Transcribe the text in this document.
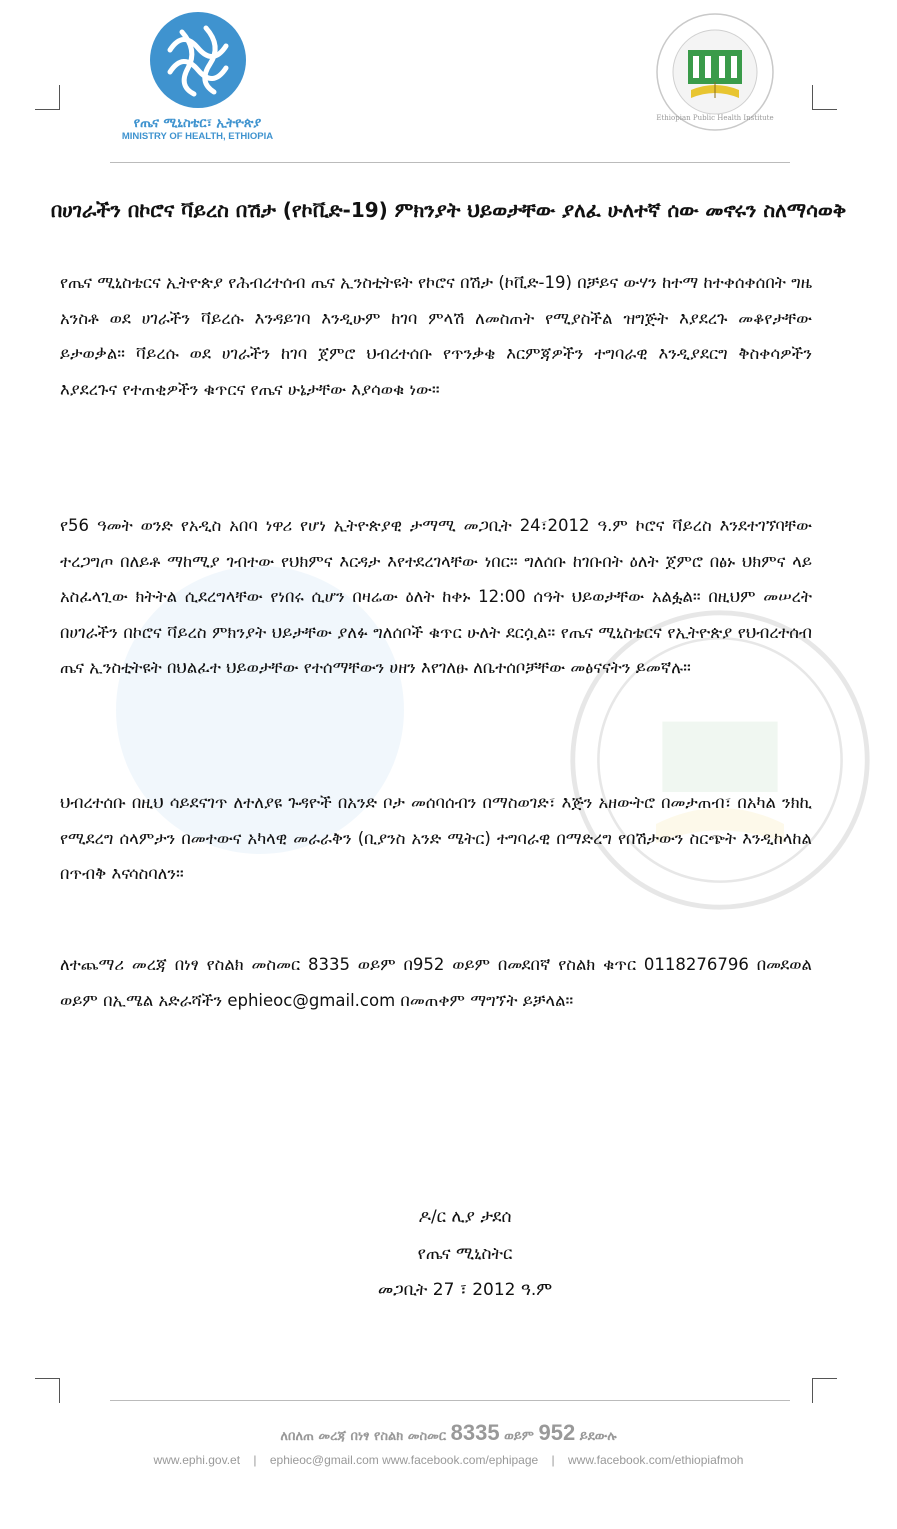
የጤና ሚኒስቴር፣ ኢትዮጵያ
MINISTRY OF HEALTH, ETHIOPIA
Ethiopian Public Health Institute
በሀገራችን በኮሮና ቫይረስ በሽታ (የኮቪድ-19) ምክንያት ህይወታቸው ያለፈ ሁለተኛ ሰው መኖሩን ስለማሳወቅ

የጤና ሚኒስቴርና ኢትዮጵያ የሕብረተሰብ ጤና ኢንስቲትዩት የኮሮና በሽታ (ኮቪድ-19) በቻይና ውሃን ከተማ ከተቀሰቀሰበት ግዜ አንስቶ ወደ ሀገራችን ቫይረሱ እንዳይገባ እንዲሁም ከገባ ምላሽ ለመስጠት የሚያስችል ዝግጅት እያደረጉ መቆየታቸው ይታወቃል። ቫይረሱ ወደ ሀገራችን ከገባ ጀምሮ ህብረተሰቡ የጥንቃቄ እርምጃዎችን ተግባራዊ እንዲያደርግ ቅስቀሳዎችን እያደረጉና የተጠቂዎችን ቁጥርና የጤና ሁኔታቸው እያሳወቁ ነው።

የ56 ዓመት ወንድ የአዲስ አበባ ነዋሪ የሆነ ኢትዮጵያዊ ታማሚ መጋቢት 24፣2012 ዓ.ም ኮሮና ቫይረስ እንደተገኘባቸው ተረጋግጦ በለይቶ ማከሚያ ገብተው የህክምና እርዳታ እየተደረገላቸው ነበር። ግለሰቡ ከገቡበት ዕለት ጀምሮ በፅኑ ህክምና ላይ አስፈላጊው ክትትል ሲደረግላቸው የነበሩ ሲሆን በዛሬው ዕለት ከቀኑ 12:00 ሰዓት ህይወታቸው አልፏል። በዚህም መሠረት በሀገራችን በኮሮና ቫይረስ ምክንያት ህይታቸው ያለፉ ግለሰቦች ቁጥር ሁለት ደርሷል። የጤና ሚኒስቴርና የኢትዮጵያ የህብረተሰብ ጤና ኢንስቲትዩት በህልፈተ ህይወታቸው የተሰማቸውን ሀዘን እየገለፁ ለቤተሰቦቻቸው መፅናናትን ይመኛሉ።

ህብረተሰቡ በዚህ ሳይደናገጥ ለተለያዩ ጉዳዮች በአንድ ቦታ መሰባሰብን በማስወገድ፣ እጅን አዘውትሮ በመታጠብ፣ በአካል ንክኪ የሚደረግ ሰላምታን በመተውና አካላዊ መራራቅን (ቢያንስ አንድ ሜትር) ተግባራዊ በማድረግ የበሽታውን ስርጭት እንዲከላከል በጥብቅ እናሳስባለን።

ለተጨማሪ መረጃ በነፃ የስልክ መስመር 8335 ወይም በ952 ወይም በመደበኛ የስልክ ቁጥር 0118276796 በመደወል ወይም በኢሜል አድራሻችን ephieoc@gmail.com በመጠቀም ማግኘት ይቻላል።

ዶ/ር ሊያ ታደሰ
የጤና ሚኒስትር
መጋቢት 27 ፣ 2012 ዓ.ም
ለበለጠ መረጃ በነፃ የስልክ መስመር 8335 ወይም 952 ይደውሉ
www.ephi.gov.et | ephieoc@gmail.com www.facebook.com/ephipage | www.facebook.com/ethiopiafmoh
